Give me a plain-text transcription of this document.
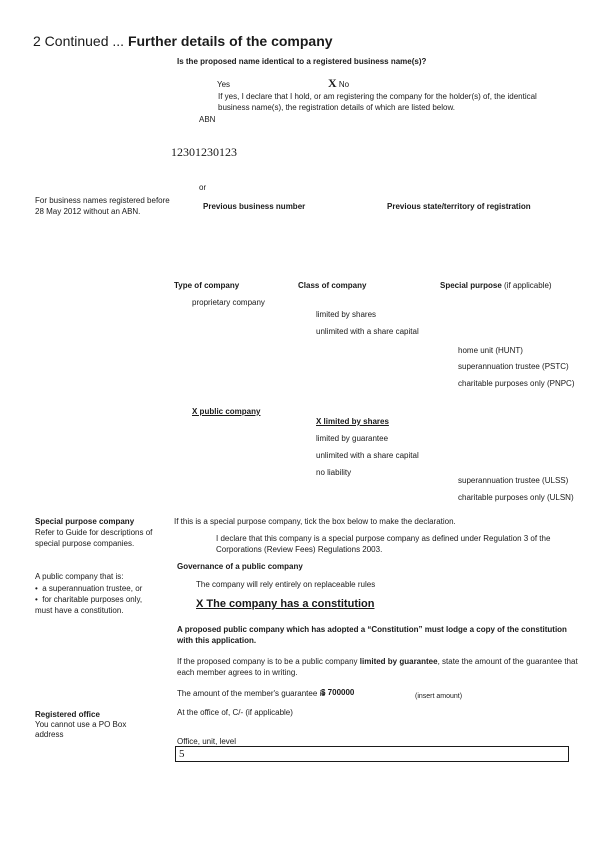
2 Continued ... Further details of the company
Is the proposed name identical to a registered business name(s)?
Yes	X No
If yes, I declare that I hold, or am registering the company for the holder(s) of, the identical
business name(s), the registration details of which are listed below.
ABN
12301230123
or
For business names registered before
28 May 2012 without an ABN.
Previous business number	Previous state/territory of registration
Type of company	Class of company	Special purpose (if applicable)
proprietary company
limited by shares
unlimited with a share capital
home unit (HUNT)
superannuation trustee (PSTC)
charitable purposes only (PNPC)
X public company
X limited by shares
limited by guarantee
unlimited with a share capital
no liability
superannuation trustee (ULSS)
charitable purposes only (ULSN)
Special purpose company
Refer to Guide for descriptions of
special purpose companies.
If this is a special purpose company, tick the box below to make the declaration.
I declare that this company is a special purpose company as defined under Regulation 3 of the
Corporations (Review Fees) Regulations 2003.
A public company that is:
•  a superannuation trustee, or
•  for charitable purposes only,
must have a constitution.
Governance of a public company
The company will rely entirely on replaceable rules
X The company has a constitution
A proposed public company which has adopted a “Constitution” must lodge a copy of the constitution
with this application.
If the proposed company is to be a public company limited by guarantee, state the amount of the guarantee that
each member agrees to in writing.
The amount of the member's guarantee is
$ 700000	(insert amount)
Registered office
You cannot use a PO Box
address
At the office of, C/- (if applicable)
Office, unit, level
5
